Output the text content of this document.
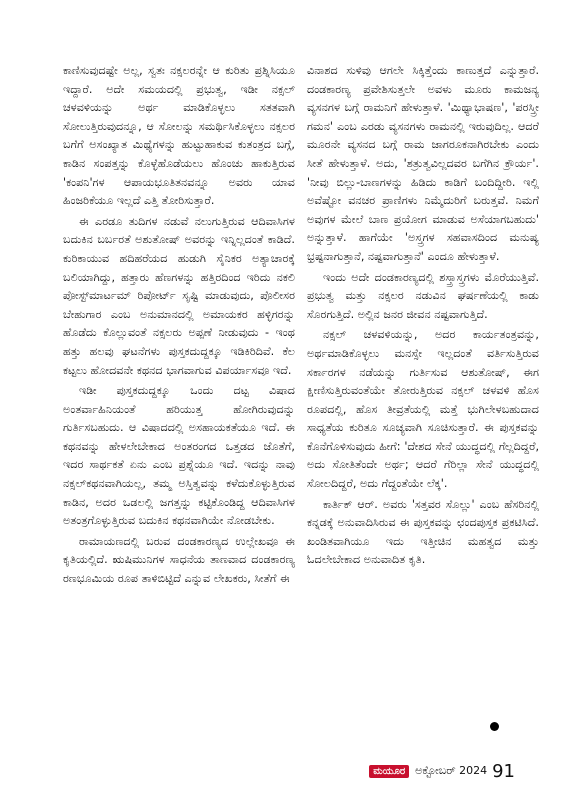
ಕಾಣಿಸುವುದಷ್ಟೇ ಅಲ್ಲ, ಸ್ವತಃ ನಕ್ಸಲರನ್ನೇ ಆ ಕುರಿತು ಪ್ರಶ್ನಿಸಿಯೂ ಇದ್ದಾರೆ. ಅದೇ ಸಮಯದಲ್ಲಿ ಪ್ರಭುತ್ವ, ಇಡೀ ನಕ್ಸಲ್ ಚಳವಳಿಯನ್ನು ಅರ್ಥ ಮಾಡಿಕೊಳ್ಳಲು ಸತತವಾಗಿ ಸೋಲುತ್ತಿರುವುದನ್ನೂ, ಆ ಸೋಲನ್ನು ಸಮರ್ಥಿಸಿಕೊಳ್ಳಲು ನಕ್ಸಲರ ಬಗೆಗೆ ಅಸಂಖ್ಯಾತ ಮಿಥ್ಯೆಗಳನ್ನು ಹುಟ್ಟುಹಾಕುವ ಕುತಂತ್ರದ ಬಗ್ಗೆ, ಕಾಡಿನ ಸಂಪತ್ತನ್ನು ಕೊಳ್ಳೆಹೊಡೆಯಲು ಹೊಂಚು ಹಾಕುತ್ತಿರುವ 'ಕಂಪನಿ'ಗಳ ಆಪಾಯಭೂತಿತನವನ್ನೂ ಅವರು ಯಾವ ಹಿಂಜರಿಕೆಯೂ ಇಲ್ಲದೆ ಎತ್ತಿ ತೋರಿಸುತ್ತಾರೆ.

ಈ ಎರಡೂ ತುದಿಗಳ ನಡುವೆ ನಲುಗುತ್ತಿರುವ ಆದಿವಾಸಿಗಳ ಬದುಕಿನ ಬರ್ಬರತೆ ಅಶುತೋಷ್ ಅವರನ್ನು ಇನ್ನಿಲ್ಲದಂತೆ ಕಾಡಿದೆ. ಕುರಿಕಾಯುವ ಹದಿಹರೆಯದ ಹುಡುಗಿ ಸೈನಿಕರ ಅತ್ಯಾಚಾರಕ್ಕೆ ಬಲಿಯಾಗಿದ್ದು, ಹತ್ತಾರು ಹೆಣಗಳನ್ನು ಹತ್ತಿರದಿಂದ ಇರಿದು ನಕಲಿ ಪೋಸ್ಟ್‌ಮಾರ್ಟಮ್ ರಿಪೋರ್ಟ್ ಸೃಷ್ಟಿ ಮಾಡುವುದು, ಪೊಲೀಸರ ಬೇಹುಗಾರ ಎಂಬ ಅನುಮಾನದಲ್ಲಿ ಅಮಾಯಕರ ಹಳ್ಳಿಗರನ್ನು ಹೊಡೆದು ಕೊಲ್ಲುವಂತೆ ನಕ್ಸಲರು ಅಪ್ಪಣೆ ನೀಡುವುದು - ಇಂಥ ಹತ್ತು ಹಲವು ಘಟನೆಗಳು ಪುಸ್ತಕದುದ್ದಕ್ಕೂ ಇಡಿಕಿರಿದಿವೆ. ಕೆಲ ಕಟ್ಟಲು ಹೋದವನೇ ಕಥನದ ಭಾಗವಾಗುವ ವಿಪರ್ಯಾಸವೂ ಇದೆ.

ಇಡೀ ಪುಸ್ತಕದುದ್ದಕ್ಕೂ ಒಂದು ದಟ್ಟ ವಿಷಾದ ಅಂತರ್ವಾಹಿನಿಯಂತೆ ಹರಿಯುತ್ತ ಹೋಗಿರುವುದನ್ನು ಗುರ್ತಿಸಬಹುದು. ಆ ವಿಷಾದದಲ್ಲಿ ಅಸಹಾಯಕತೆಯೂ ಇದೆ. ಈ ಕಥನವನ್ನು ಹೇಳಲೇಬೇಕಾದ ಅಂತರಂಗದ ಒತ್ತಡದ ಜೊತೆಗೆ, ಇದರ ಸಾರ್ಥಕತೆ ಏನು ಎಂಬ ಪ್ರಶ್ನೆಯೂ ಇದೆ. ಇದನ್ನು ನಾವು ನಕ್ಸಲ್‌ಕಥನವಾಗಿಯಲ್ಲ, ತಮ್ಮ ಅಸ್ತಿತ್ವವನ್ನು ಕಳೆದುಕೊಳ್ಳುತ್ತಿರುವ ಕಾಡಿನ, ಅದರ ಒಡಲಲ್ಲಿ ಜಗತ್ತನ್ನು ಕಟ್ಟಿಕೊಂಡಿದ್ದ ಆದಿವಾಸಿಗಳ ಅತಂತ್ರಗೊಳ್ಳುತ್ತಿರುವ ಬದುಕಿನ ಕಥನವಾಗಿಯೇ ನೋಡಬೇಕು.

ರಾಮಾಯಣದಲ್ಲಿ ಬರುವ ದಂಡಕಾರಣ್ಯದ ಉಲ್ಲೇಖವೂ ಈ ಕೃತಿಯಲ್ಲಿದೆ. ಋಷಿಮುನಿಗಳ ಸಾಧನೆಯ ತಾಣವಾದ ದಂಡಕಾರಣ್ಯ ರಣಭೂಮಿಯ ರೂಪ ತಾಳಿಬಿಟ್ಟಿದೆ ಎನ್ನುವ ಲೇಖಕರು, ಸೀತೆಗೆ ಈ

ವಿನಾಶದ ಸುಳಿವು ಆಗಲೇ ಸಿಕ್ಕಿತ್ತೆಂದು ಕಾಣುತ್ತದೆ ಎನ್ನುತ್ತಾರೆ. ದಂಡಕಾರಣ್ಯ ಪ್ರವೇಶಿಸುತ್ತಲೇ ಅವಳು ಮೂರು ಕಾಮಜನ್ಯ ವ್ಯಸನಗಳ ಬಗ್ಗೆ ರಾಮನಿಗೆ ಹೇಳುತ್ತಾಳೆ. 'ಮಿಥ್ಯಾಭಾಷಣ', 'ಪರಸ್ತ್ರೀ ಗಮನ' ಎಂಬ ಎರಡು ವ್ಯಸನಗಳು ರಾಮನಲ್ಲಿ ಇರುವುದಿಲ್ಲ. ಆದರೆ ಮೂರನೇ ವ್ಯಸನದ ಬಗ್ಗೆ ರಾಮ ಜಾಗರೂಕನಾಗಿರಬೇಕು ಎಂದು ಸೀತೆ ಹೇಳುತ್ತಾಳೆ. ಅದು, 'ಶತ್ರುತ್ವವಿಲ್ಲದವರ ಬಗೆಗಿನ ಕ್ರೌರ್ಯ'. 'ನೀವು ಬಿಲ್ಲು-ಬಾಣಗಳನ್ನು ಹಿಡಿದು ಕಾಡಿಗೆ ಬಂದಿದ್ದೀರಿ. ಇಲ್ಲಿ ಅವೆಷ್ಟೋ ವನಚರ ಪ್ರಾಣಿಗಳು ನಿಮ್ಮೆದುರಿಗೆ ಬರುತ್ತವೆ. ನಿಮಗೆ ಅವುಗಳ ಮೇಲೆ ಬಾಣ ಪ್ರಯೋಗ ಮಾಡುವ ಅಸೆಯಾಗಬಹುದು' ಅನ್ನುತ್ತಾಳೆ. ಹಾಗೆಯೇ 'ಅಸ್ತ್ರಗಳ ಸಹವಾಸದಿಂದ ಮನುಷ್ಯ ಭ್ರಷ್ಟನಾಗುತ್ತಾನೆ, ನಷ್ಟವಾಗುತ್ತಾನೆ' ಎಂದೂ ಹೇಳುತ್ತಾಳೆ.

ಇಂದು ಅದೇ ದಂಡಕಾರಣ್ಯದಲ್ಲಿ ಶಸ್ತ್ರಾಸ್ತ್ರಗಳು ಮೊರೆಯುತ್ತಿವೆ. ಪ್ರಭುತ್ವ ಮತ್ತು ನಕ್ಸಲರ ನಡುವಿನ ಘರ್ಷಣೆಯಲ್ಲಿ ಕಾಡು ಸೊರಗುತ್ತಿದೆ. ಅಲ್ಲಿನ ಜನರ ಜೀವನ ನಷ್ಟವಾಗುತ್ತಿದೆ.

ನಕ್ಸಲ್ ಚಳವಳಿಯನ್ನು, ಅದರ ಕಾರ್ಯತಂತ್ರವನ್ನು, ಅರ್ಥಮಾಡಿಕೊಳ್ಳಲು ಮನಸ್ಸೇ ಇಲ್ಲದಂತೆ ವರ್ತಿಸುತ್ತಿರುವ ಸರ್ಕಾರಗಳ ನಡೆಯನ್ನು ಗುರ್ತಿಸುವ ಆಶುತೋಷ್, ಈಗ ಕ್ಷೀಣಿಸುತ್ತಿರುವಂತೆಯೇ ತೋರುತ್ತಿರುವ ನಕ್ಸಲ್ ಚಳವಳಿ ಹೊಸ ರೂಪದಲ್ಲಿ, ಹೊಸ ತೀವ್ರತೆಯಲ್ಲಿ ಮತ್ತೆ ಭುಗಿಲೇಳಬಹುದಾದ ಸಾಧ್ಯತೆಯ ಕುರಿತೂ ಸೂಚ್ಯವಾಗಿ ಸೂಚಿಸುತ್ತಾರೆ. ಈ ಪುಸ್ತಕವನ್ನು ಕೊನೆಗೊಳಿಸುವುದು ಹೀಗೆ: 'ದೇಶದ ಸೇನೆ ಯುದ್ಧದಲ್ಲಿ ಗೆಲ್ಲದಿದ್ದರೆ, ಅದು ಸೋತಿತೆಂದೇ ಅರ್ಥ; ಆದರೆ ಗೆರಿಲ್ಲಾ ಸೇನೆ ಯುದ್ಧದಲ್ಲಿ ಸೋಲದಿದ್ದರೆ, ಅದು ಗೆದ್ದಂತೆಯೇ ಲೆಕ್ಕ'.

ಕಾರ್ತಿಕ್ ಆರ್. ಅವರು 'ಸತ್ತವರ ಸೊಲ್ಲು' ಎಂಬ ಹೆಸರಿನಲ್ಲಿ ಕನ್ನಡಕ್ಕೆ ಅನುವಾದಿಸಿರುವ ಈ ಪುಸ್ತಕವನ್ನು ಛಂದಪುಸ್ತಕ ಪ್ರಕಟಿಸಿದೆ. ಖಂಡಿತವಾಗಿಯೂ ಇದು ಇತ್ತೀಚಿನ ಮಹತ್ವದ ಮತ್ತು ಓದಲೇಬೇಕಾದ ಅನುವಾದಿತ ಕೃತಿ.

ಮಯೂರ ಅಕ್ಟೋಬರ್ 2024 91
